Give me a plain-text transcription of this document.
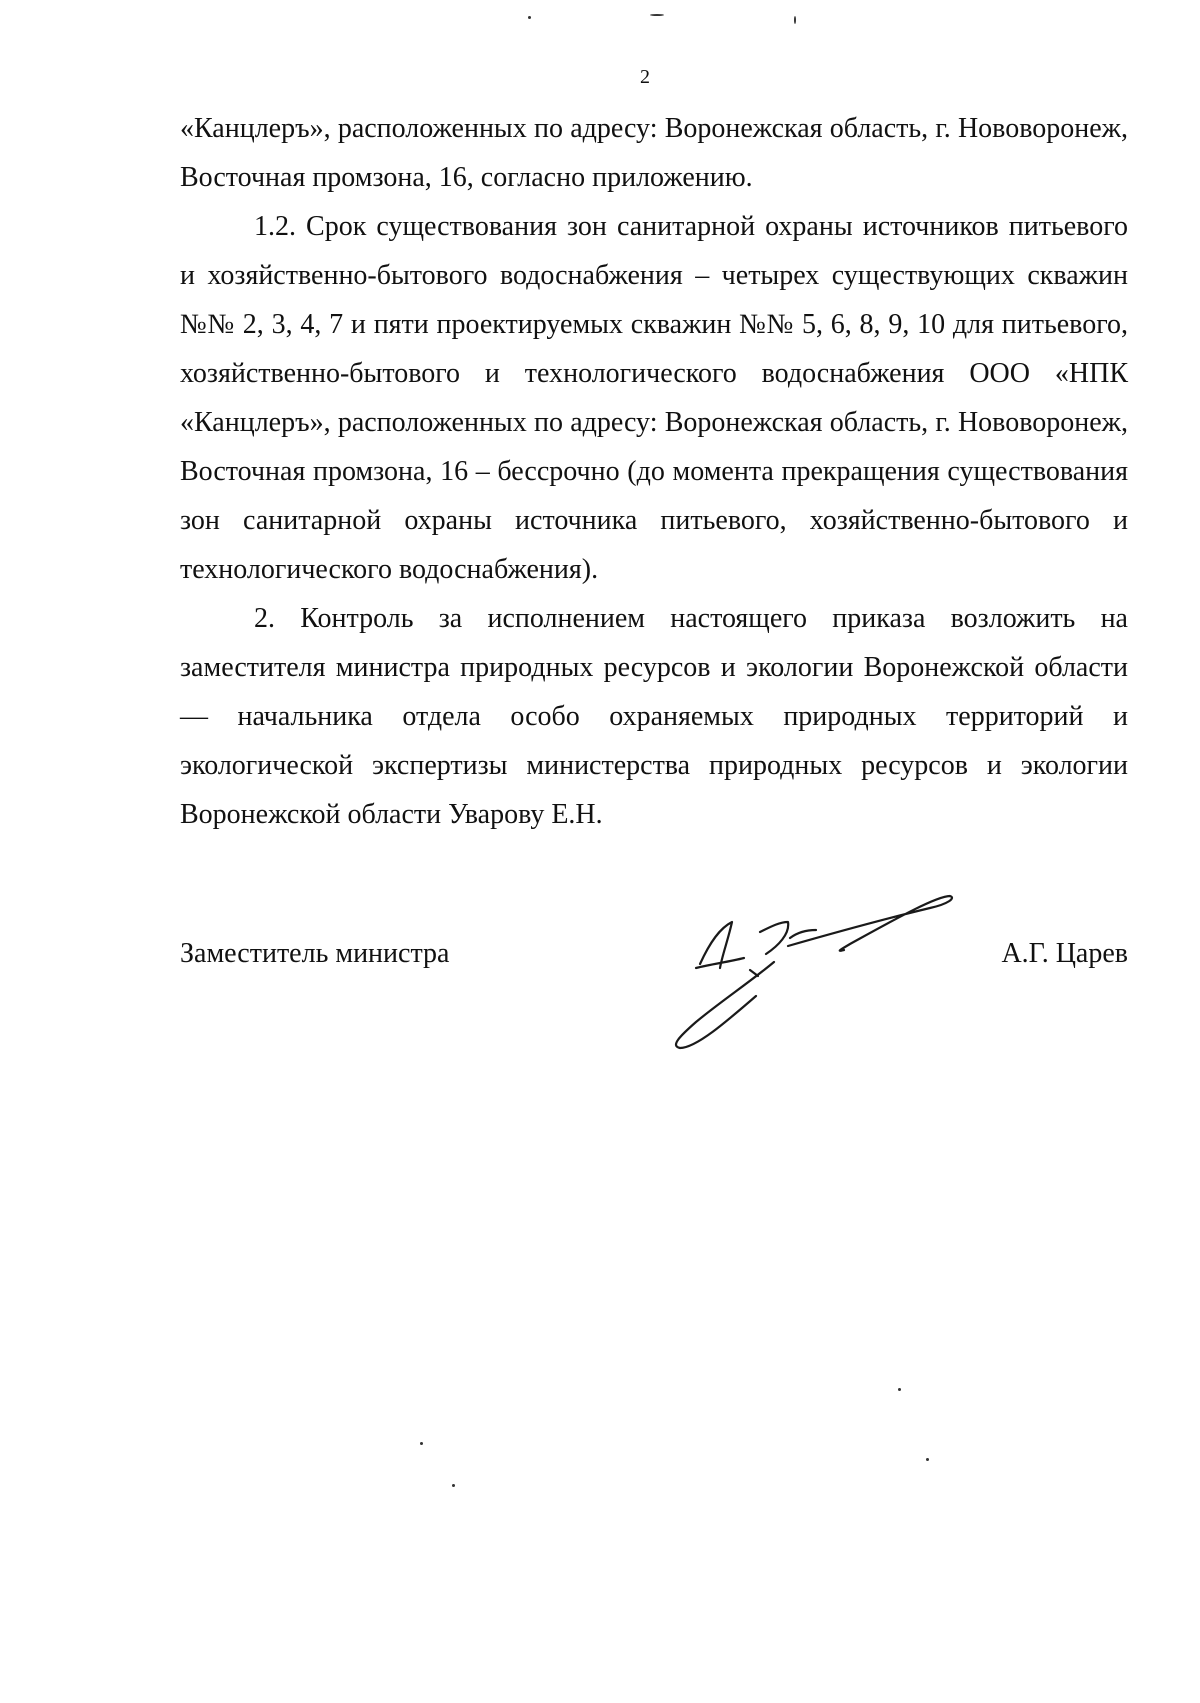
2

«Канцлеръ», расположенных по адресу: Воронежская область, г. Нововоронеж, Восточная промзона, 16, согласно приложению.

1.2. Срок существования зон санитарной охраны источников питьевого и хозяйственно-бытового водоснабжения – четырех существующих скважин №№ 2, 3, 4, 7 и пяти проектируемых скважин №№ 5, 6, 8, 9, 10 для питьевого, хозяйственно-бытового и технологического водоснабжения ООО «НПК «Канцлеръ», расположенных по адресу: Воронежская область, г. Нововоронеж, Восточная промзона, 16 – бессрочно (до момента прекращения существования зон санитарной охраны источника питьевого, хозяйственно-бытового и технологического водоснабжения).

2. Контроль за исполнением настоящего приказа возложить на заместителя министра природных ресурсов и экологии Воронежской области — начальника отдела особо охраняемых природных территорий и экологической экспертизы министерства природных ресурсов и экологии Воронежской области Уварову Е.Н.

Заместитель министра	А.Г. Царев
